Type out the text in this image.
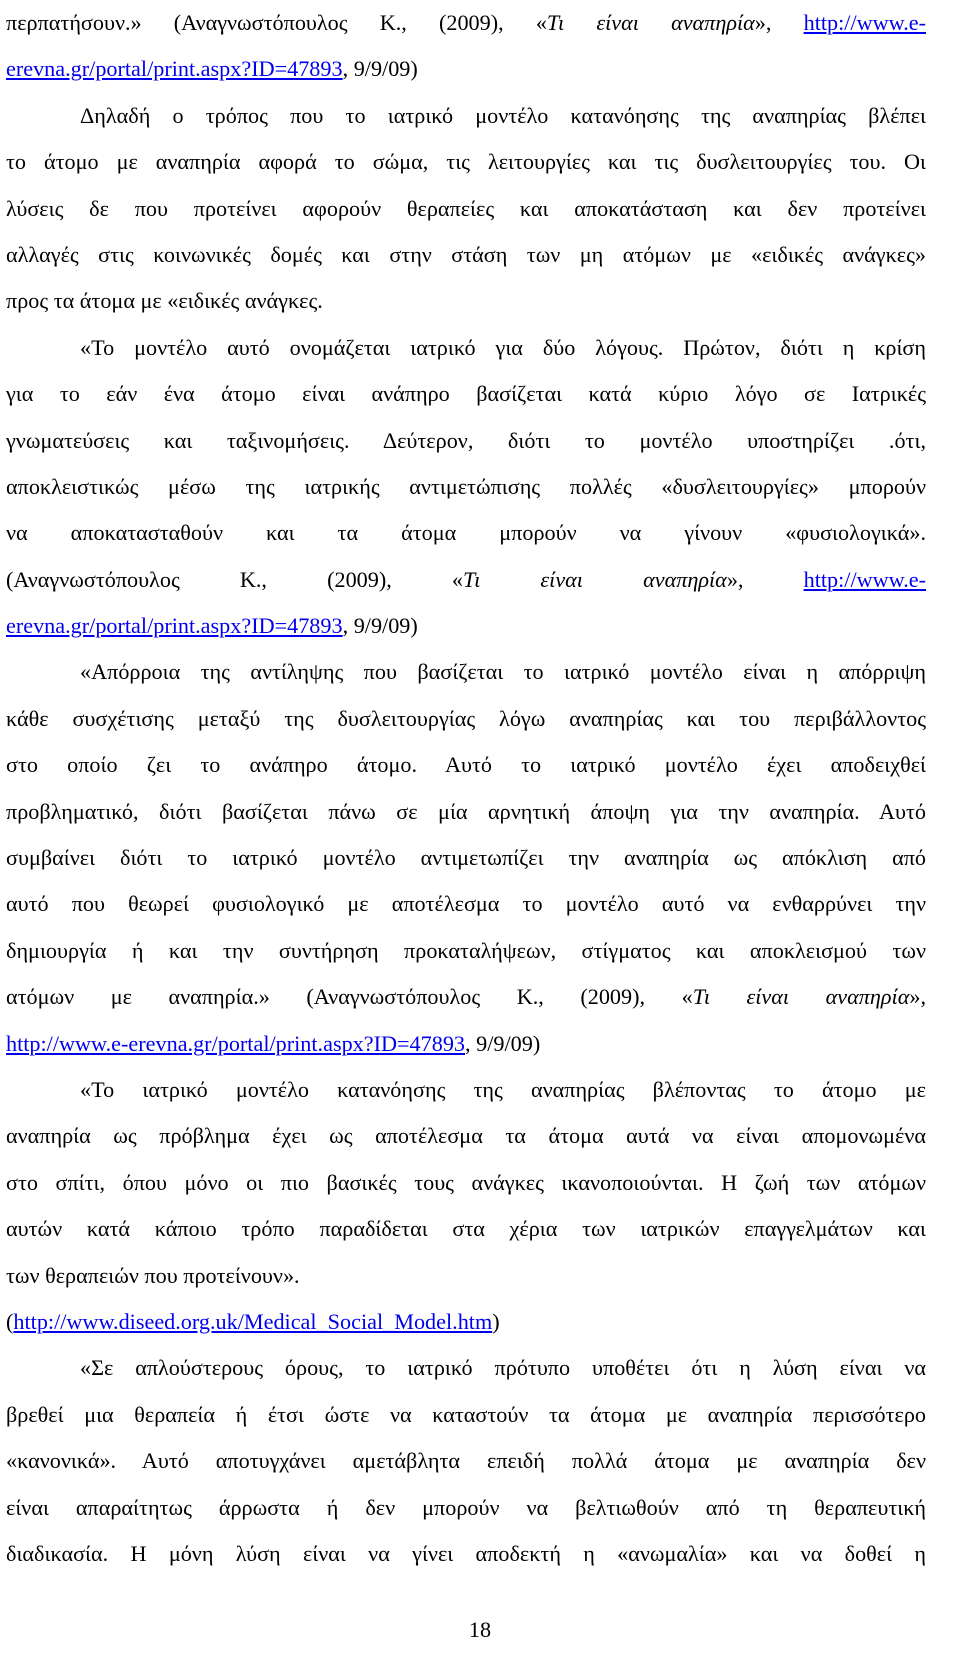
περπατήσουν.» (Αναγνωστόπουλος Κ., (2009), «Τι είναι αναπηρία», http://www.e-
erevna.gr/portal/print.aspx?ID=47893, 9/9/09)
Δηλαδή ο τρόπος που το ιατρικό μοντέλο κατανόησης της αναπηρίας βλέπει
το άτομο με αναπηρία αφορά το σώμα, τις λειτουργίες και τις δυσλειτουργίες του. Οι
λύσεις δε που προτείνει αφορούν θεραπείες και αποκατάσταση και δεν προτείνει
αλλαγές στις κοινωνικές δομές και στην στάση των μη ατόμων με «ειδικές ανάγκες»
προς τα άτομα με «ειδικές ανάγκες.
«Το μοντέλο αυτό ονομάζεται ιατρικό για δύο λόγους. Πρώτον, διότι η κρίση
για το εάν ένα άτομο είναι ανάπηρο βασίζεται κατά κύριο λόγο σε Ιατρικές
γνωματεύσεις και ταξινομήσεις. Δεύτερον, διότι το μοντέλο υποστηρίζει .ότι,
αποκλειστικώς μέσω της ιατρικής αντιμετώπισης πολλές «δυσλειτουργίες» μπορούν
να αποκατασταθούν και τα άτομα μπορούν να γίνουν «φυσιολογικά».
(Αναγνωστόπουλος Κ., (2009), «Τι είναι αναπηρία», http://www.e-
erevna.gr/portal/print.aspx?ID=47893, 9/9/09)
«Απόρροια της αντίληψης που βασίζεται το ιατρικό μοντέλο είναι η απόρριψη
κάθε συσχέτισης μεταξύ της δυσλειτουργίας λόγω αναπηρίας και του περιβάλλοντος
στο οποίο ζει το ανάπηρο άτομο. Αυτό το ιατρικό μοντέλο έχει αποδειχθεί
προβληματικό, διότι βασίζεται πάνω σε μία αρνητική άποψη για την αναπηρία. Αυτό
συμβαίνει διότι το ιατρικό μοντέλο αντιμετωπίζει την αναπηρία ως απόκλιση από
αυτό που θεωρεί φυσιολογικό με αποτέλεσμα το μοντέλο αυτό να ενθαρρύνει την
δημιουργία ή και την συντήρηση προκαταλήψεων, στίγματος και αποκλεισμού των
ατόμων με αναπηρία.» (Αναγνωστόπουλος Κ., (2009), «Τι είναι αναπηρία»,
http://www.e-erevna.gr/portal/print.aspx?ID=47893, 9/9/09)
«Το ιατρικό μοντέλο κατανόησης της αναπηρίας βλέποντας το άτομο με
αναπηρία ως πρόβλημα έχει ως αποτέλεσμα τα άτομα αυτά να είναι απομονωμένα
στο σπίτι, όπου μόνο οι πιο βασικές τους ανάγκες ικανοποιούνται. Η ζωή των ατόμων
αυτών κατά κάποιο τρόπο παραδίδεται στα χέρια των ιατρικών επαγγελμάτων και
των θεραπειών που προτείνουν».
(http://www.diseed.org.uk/Medical_Social_Model.htm)
«Σε απλούστερους όρους, το ιατρικό πρότυπο υποθέτει ότι η λύση είναι να
βρεθεί μια θεραπεία ή έτσι ώστε να καταστούν τα άτομα με αναπηρία περισσότερο
«κανονικά». Αυτό αποτυγχάνει αμετάβλητα επειδή πολλά άτομα με αναπηρία δεν
είναι απαραίτητως άρρωστα ή δεν μπορούν να βελτιωθούν από τη θεραπευτική
διαδικασία. Η μόνη λύση είναι να γίνει αποδεκτή η «ανωμαλία» και να δοθεί η
18
